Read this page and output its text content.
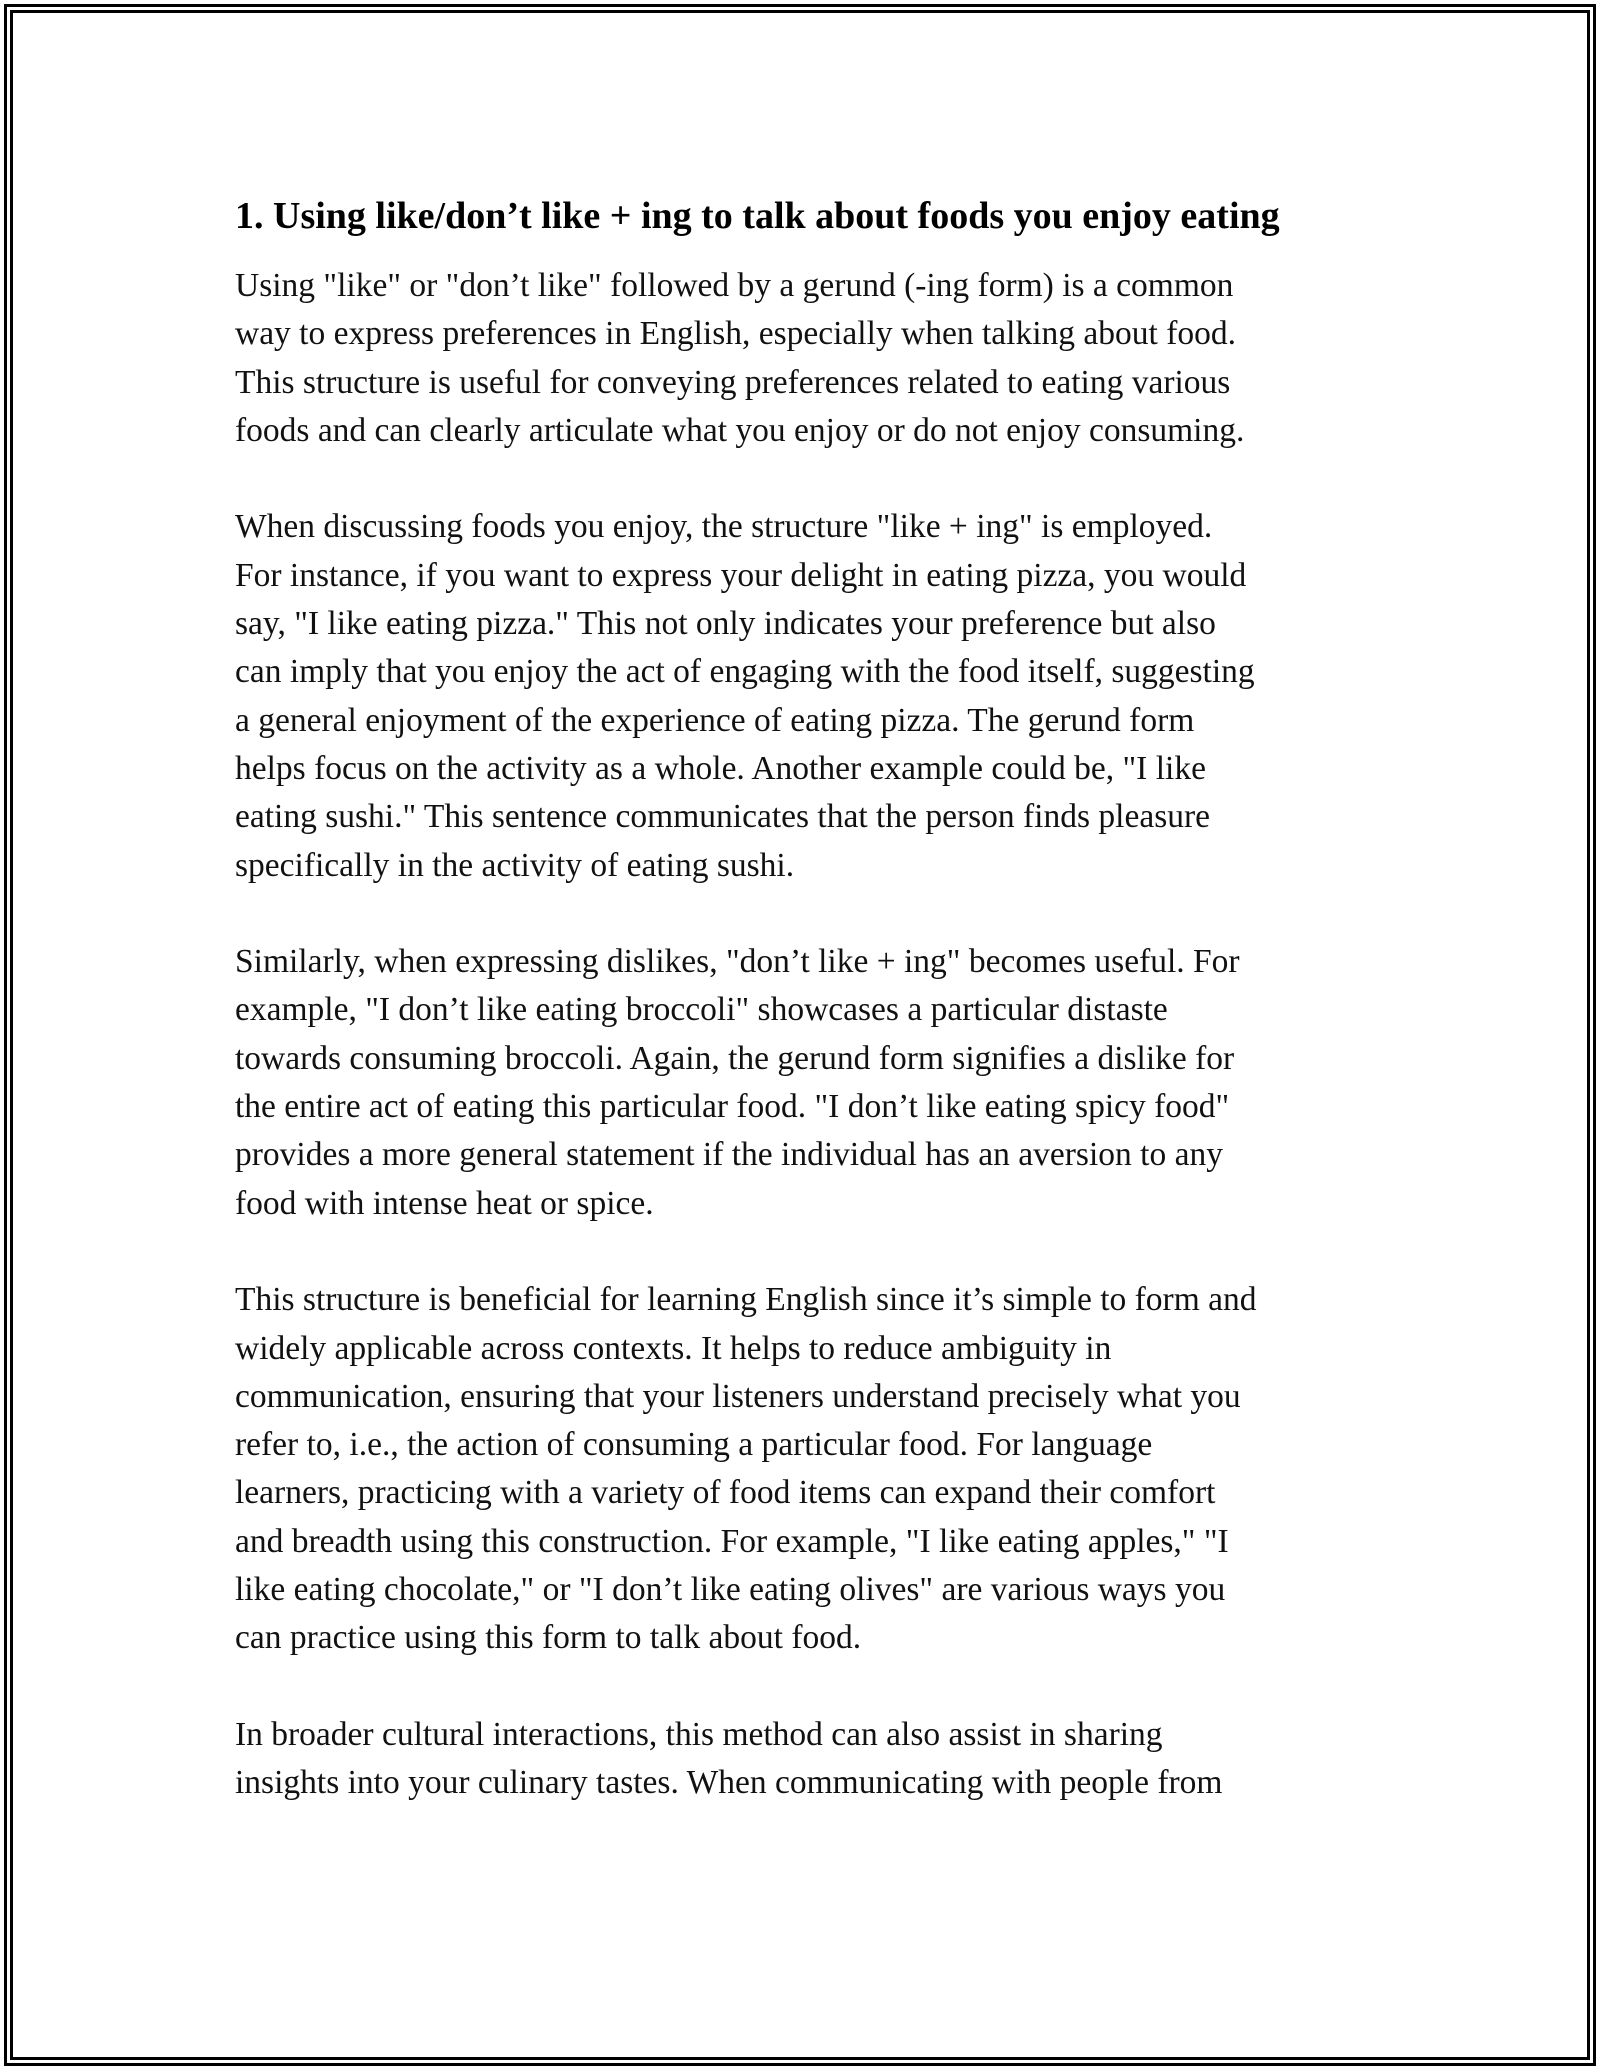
1. Using like/don’t like + ing to talk about foods you enjoy eating
Using "like" or "don’t like" followed by a gerund (-ing form) is a common
way to express preferences in English, especially when talking about food.
This structure is useful for conveying preferences related to eating various
foods and can clearly articulate what you enjoy or do not enjoy consuming.
When discussing foods you enjoy, the structure "like + ing" is employed.
For instance, if you want to express your delight in eating pizza, you would
say, "I like eating pizza." This not only indicates your preference but also
can imply that you enjoy the act of engaging with the food itself, suggesting
a general enjoyment of the experience of eating pizza. The gerund form
helps focus on the activity as a whole. Another example could be, "I like
eating sushi." This sentence communicates that the person finds pleasure
specifically in the activity of eating sushi.
Similarly, when expressing dislikes, "don’t like + ing" becomes useful. For
example, "I don’t like eating broccoli" showcases a particular distaste
towards consuming broccoli. Again, the gerund form signifies a dislike for
the entire act of eating this particular food. "I don’t like eating spicy food"
provides a more general statement if the individual has an aversion to any
food with intense heat or spice.
This structure is beneficial for learning English since it’s simple to form and
widely applicable across contexts. It helps to reduce ambiguity in
communication, ensuring that your listeners understand precisely what you
refer to, i.e., the action of consuming a particular food. For language
learners, practicing with a variety of food items can expand their comfort
and breadth using this construction. For example, "I like eating apples," "I
like eating chocolate," or "I don’t like eating olives" are various ways you
can practice using this form to talk about food.
In broader cultural interactions, this method can also assist in sharing
insights into your culinary tastes. When communicating with people from
